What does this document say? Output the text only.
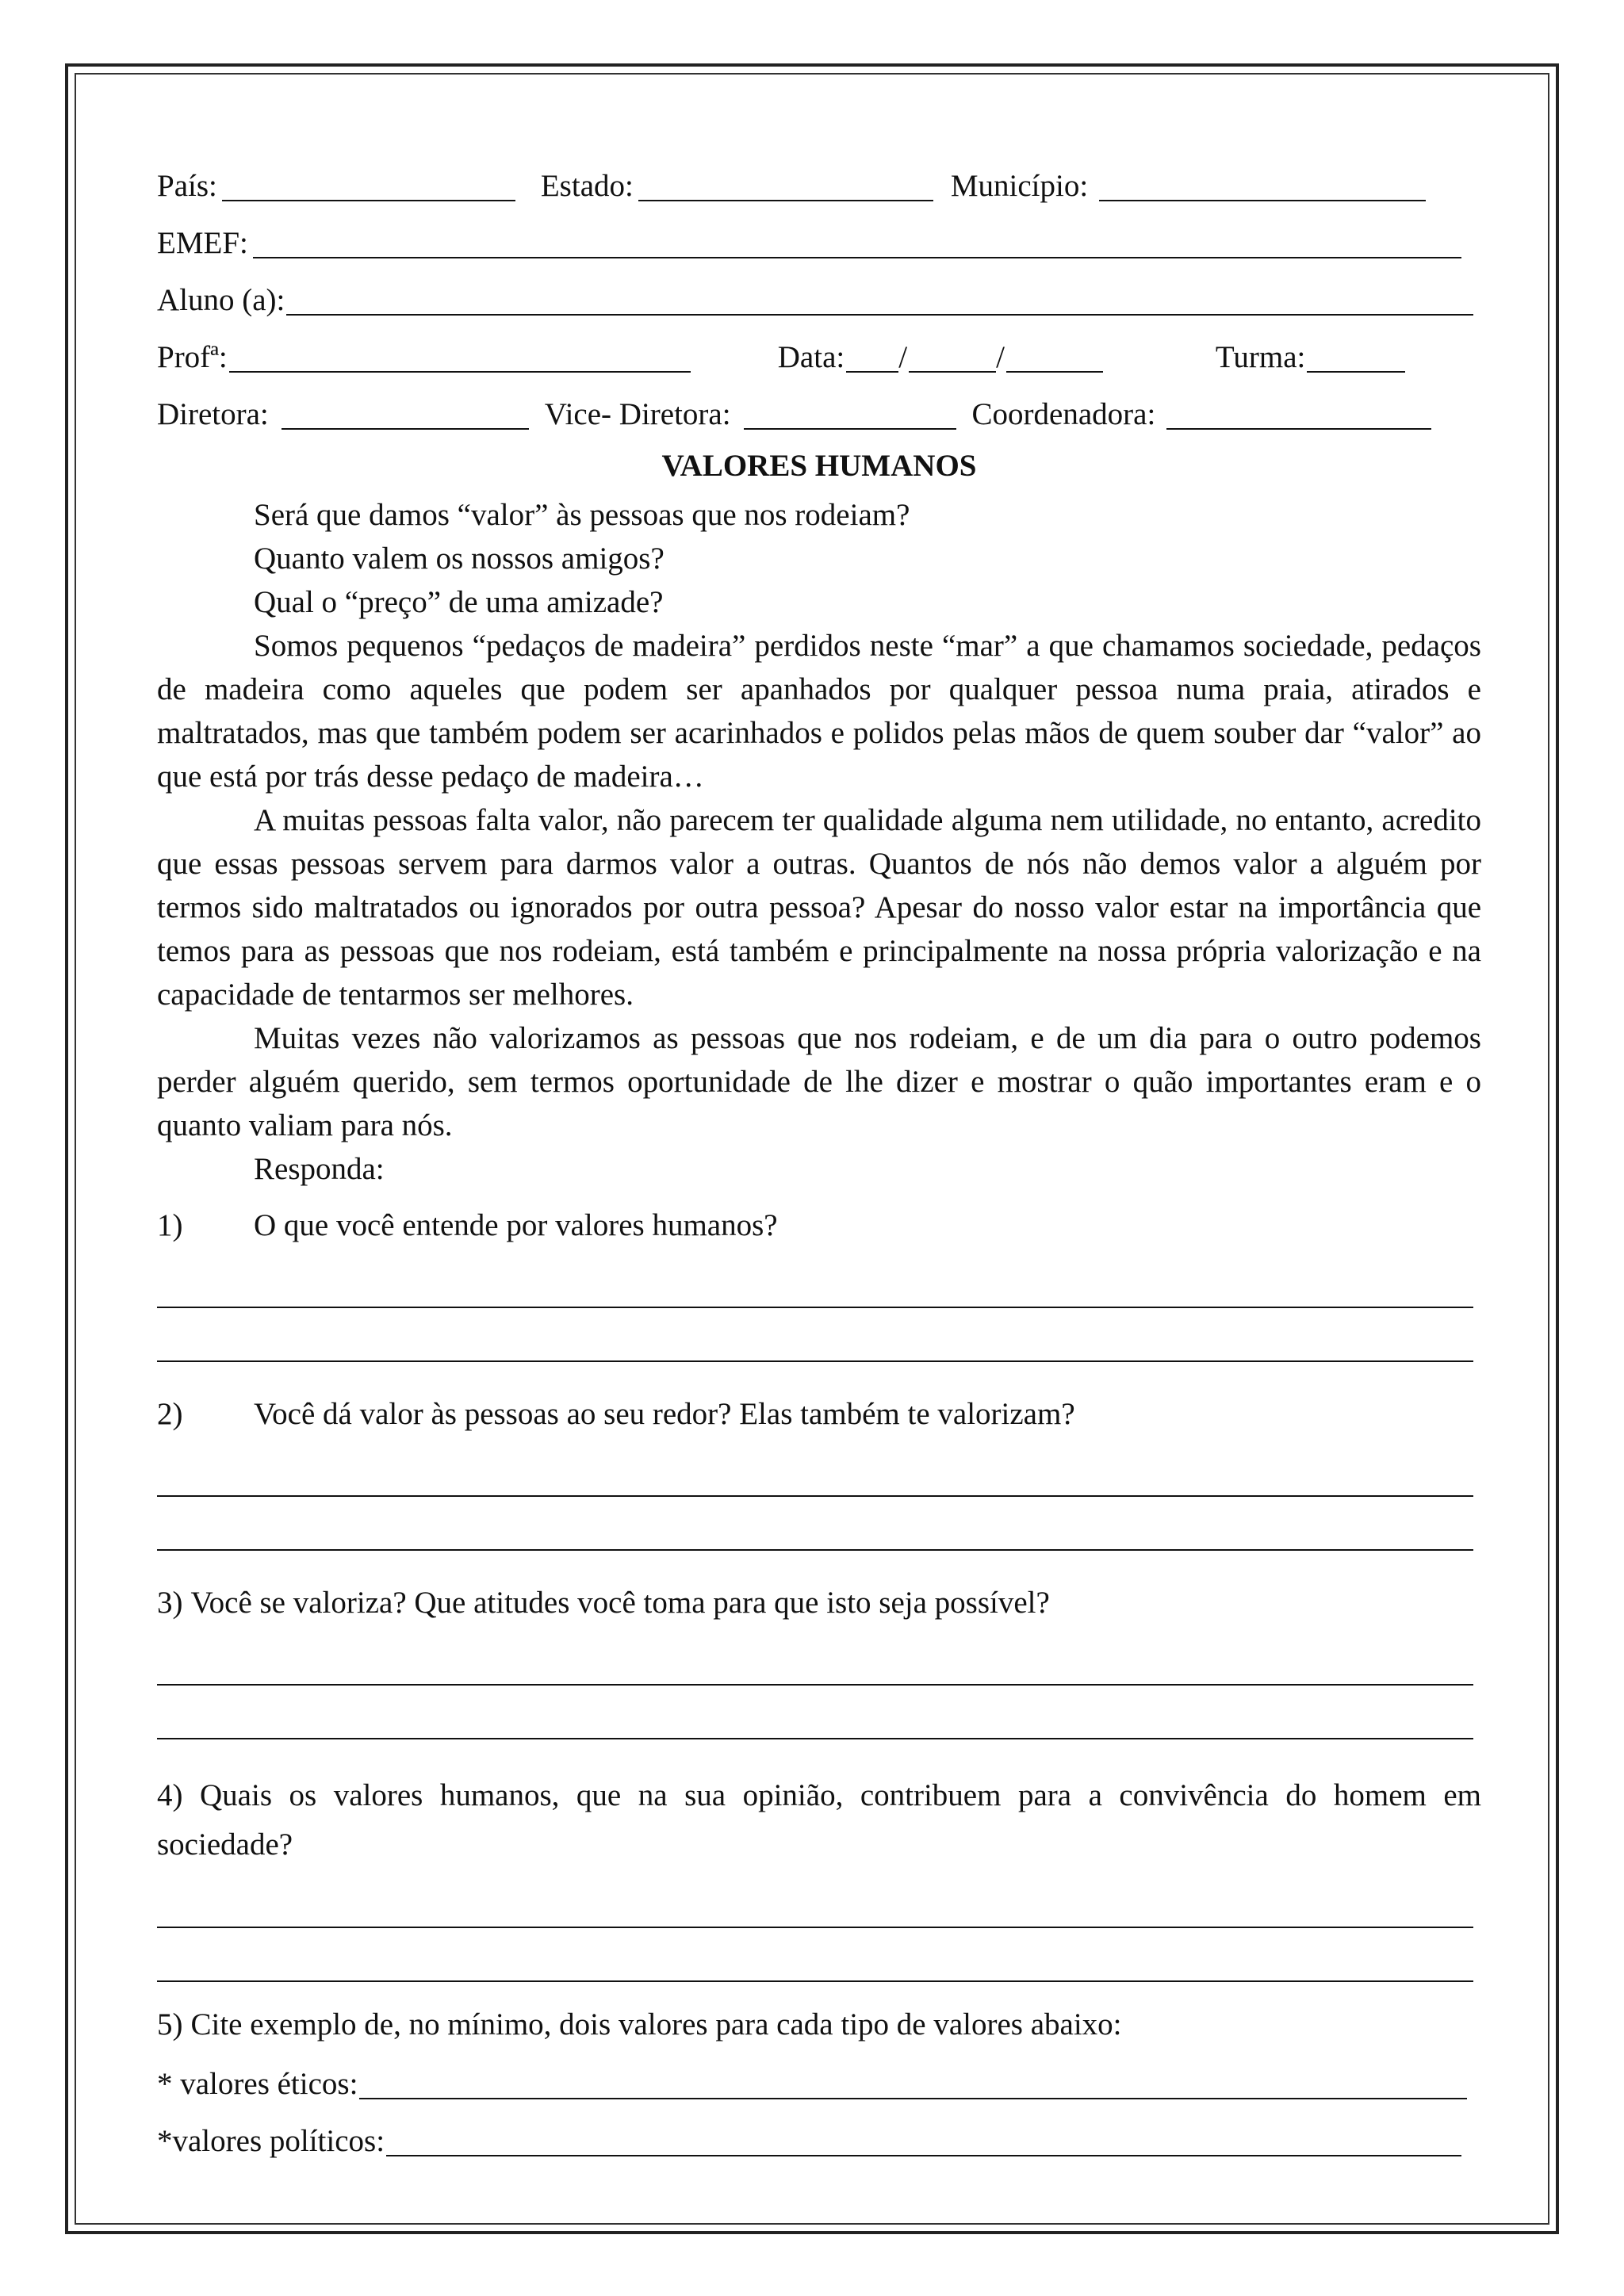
País:	Estado:	Município:
EMEF:
Aluno (a):
Profª:	Data: /	/	Turma:
Diretora:	Vice- Diretora:	Coordenadora:
VALORES HUMANOS

Será que damos “valor” às pessoas que nos rodeiam?

Quanto valem os nossos amigos?

Qual o “preço” de uma amizade?

Somos pequenos “pedaços de madeira” perdidos neste “mar” a que chamamos sociedade, pedaços de madeira como aqueles que podem ser apanhados por qualquer pessoa numa praia, atirados e maltratados, mas que também podem ser acarinhados e polidos pelas mãos de quem souber dar “valor” ao que está por trás desse pedaço de madeira…

A muitas pessoas falta valor, não parecem ter qualidade alguma nem utilidade, no entanto, acredito que essas pessoas servem para darmos valor a outras. Quantos de nós não demos valor a alguém por termos sido maltratados ou ignorados por outra pessoa? Apesar do nosso valor estar na importância que temos para as pessoas que nos rodeiam, está também e principalmente na nossa própria valorização e na capacidade de tentarmos ser melhores.

Muitas vezes não valorizamos as pessoas que nos rodeiam, e de um dia para o outro podemos perder alguém querido, sem termos oportunidade de lhe dizer e mostrar o quão importantes eram e o quanto valiam para nós.

Responda:

1)	O que você entende por valores humanos?
2)	Você dá valor às pessoas ao seu redor? Elas também te valorizam?
3) Você se valoriza? Que atitudes você toma para que isto seja possível?
4) Quais os valores humanos, que na sua opinião, contribuem para a convivência do homem em sociedade?
5) Cite exemplo de, no mínimo, dois valores para cada tipo de valores abaixo:
* valores éticos:
*valores políticos:
